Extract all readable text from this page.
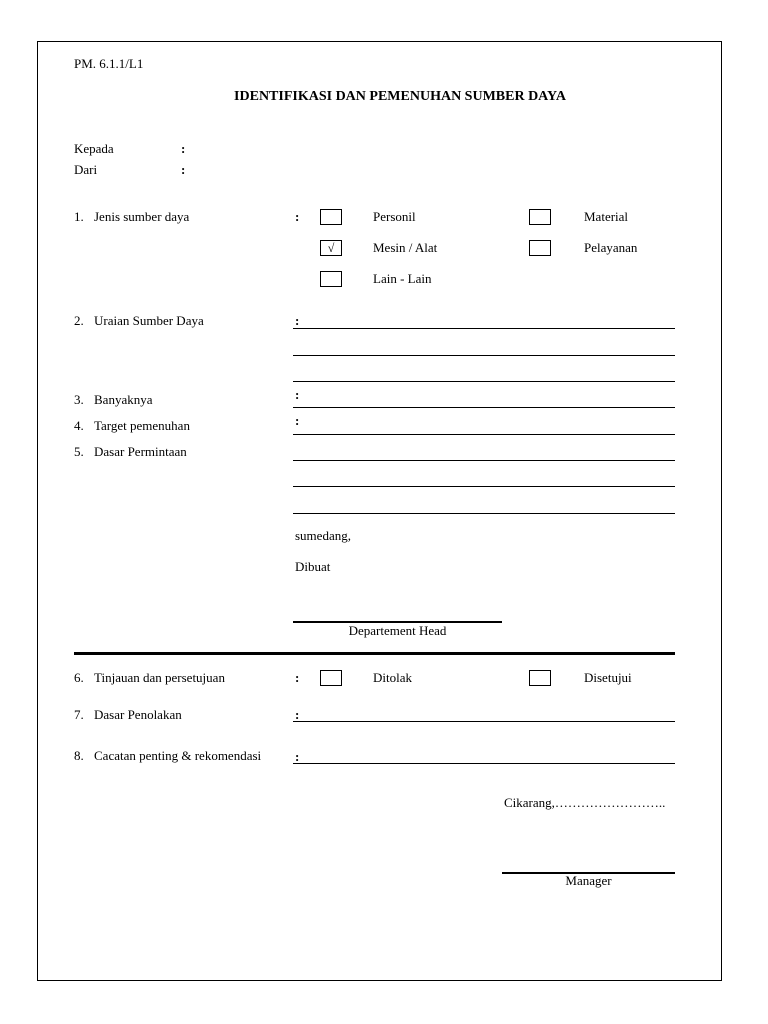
PM. 6.1.1/L1
IDENTIFIKASI DAN PEMENUHAN SUMBER DAYA
Kepada	:
Dari	:
1. Jenis sumber daya	:	Personil	Material
√	Mesin / Alat	Pelayanan
Lain - Lain
2. Uraian Sumber Daya	:
3. Banyaknya	:
4. Target pemenuhan	:
5. Dasar Permintaan
sumedang,
Dibuat
Departement Head
6. Tinjauan dan persetujuan	:	Ditolak	Disetujui
7. Dasar Penolakan	:
8. Cacatan penting & rekomendasi	:
Cikarang,……………………..
Manager
